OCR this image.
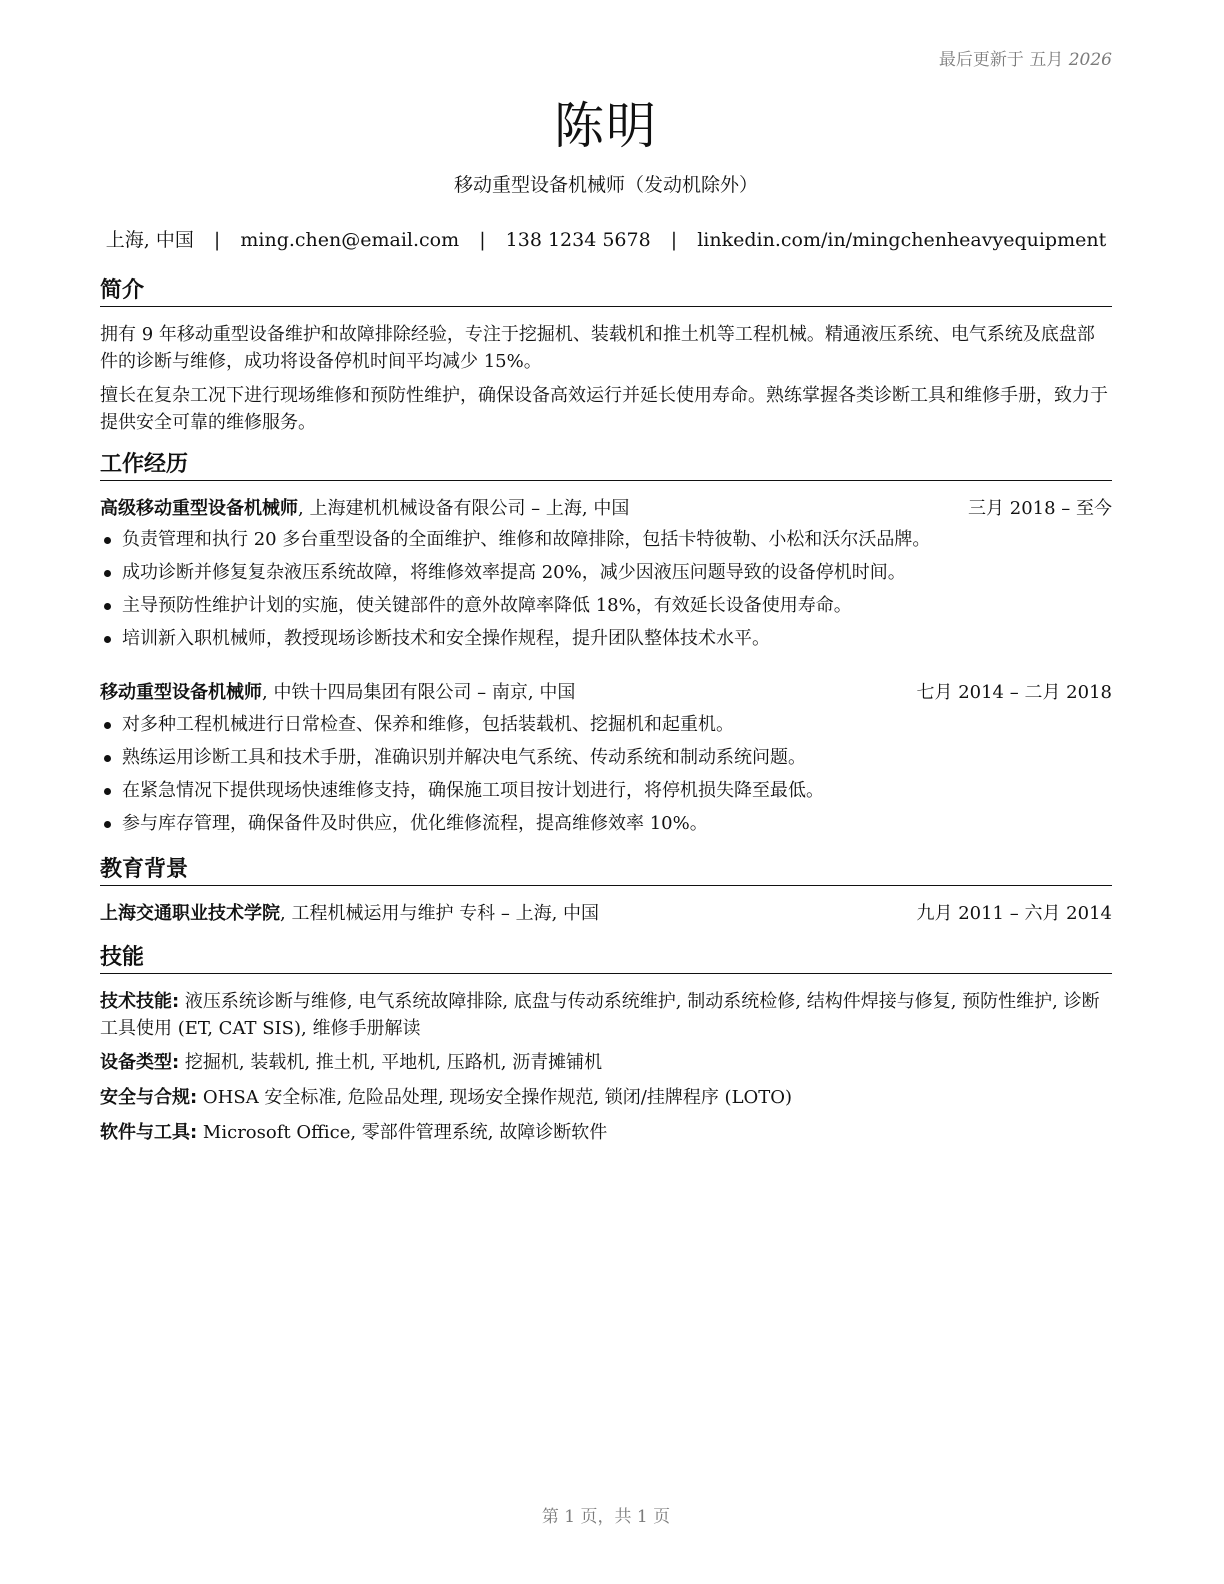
最后更新于 五月 2026
陈明
移动重型设备机械师（发动机除外）
上海, 中国 | ming.chen@email.com | 138 1234 5678 | linkedin.com/in/mingchenheavyequipment
简介
拥有 9 年移动重型设备维护和故障排除经验，专注于挖掘机、装载机和推土机等工程机械。精通液压系统、电气系统及底盘部件的诊断与维修，成功将设备停机时间平均减少 15%。
擅长在复杂工况下进行现场维修和预防性维护，确保设备高效运行并延长使用寿命。熟练掌握各类诊断工具和维修手册，致力于提供安全可靠的维修服务。
工作经历
高级移动重型设备机械师, 上海建机机械设备有限公司 – 上海, 中国	三月 2018 – 至今
负责管理和执行 20 多台重型设备的全面维护、维修和故障排除，包括卡特彼勒、小松和沃尔沃品牌。
成功诊断并修复复杂液压系统故障，将维修效率提高 20%，减少因液压问题导致的设备停机时间。
主导预防性维护计划的实施，使关键部件的意外故障率降低 18%，有效延长设备使用寿命。
培训新入职机械师，教授现场诊断技术和安全操作规程，提升团队整体技术水平。
移动重型设备机械师, 中铁十四局集团有限公司 – 南京, 中国	七月 2014 – 二月 2018
对多种工程机械进行日常检查、保养和维修，包括装载机、挖掘机和起重机。
熟练运用诊断工具和技术手册，准确识别并解决电气系统、传动系统和制动系统问题。
在紧急情况下提供现场快速维修支持，确保施工项目按计划进行，将停机损失降至最低。
参与库存管理，确保备件及时供应，优化维修流程，提高维修效率 10%。
教育背景
上海交通职业技术学院, 工程机械运用与维护 专科 – 上海, 中国	九月 2011 – 六月 2014
技能
技术技能: 液压系统诊断与维修, 电气系统故障排除, 底盘与传动系统维护, 制动系统检修, 结构件焊接与修复, 预防性维护, 诊断工具使用 (ET, CAT SIS), 维修手册解读
设备类型: 挖掘机, 装载机, 推土机, 平地机, 压路机, 沥青摊铺机
安全与合规: OHSA 安全标准, 危险品处理, 现场安全操作规范, 锁闭/挂牌程序 (LOTO)
软件与工具: Microsoft Office, 零部件管理系统, 故障诊断软件
第 1 页，共 1 页
